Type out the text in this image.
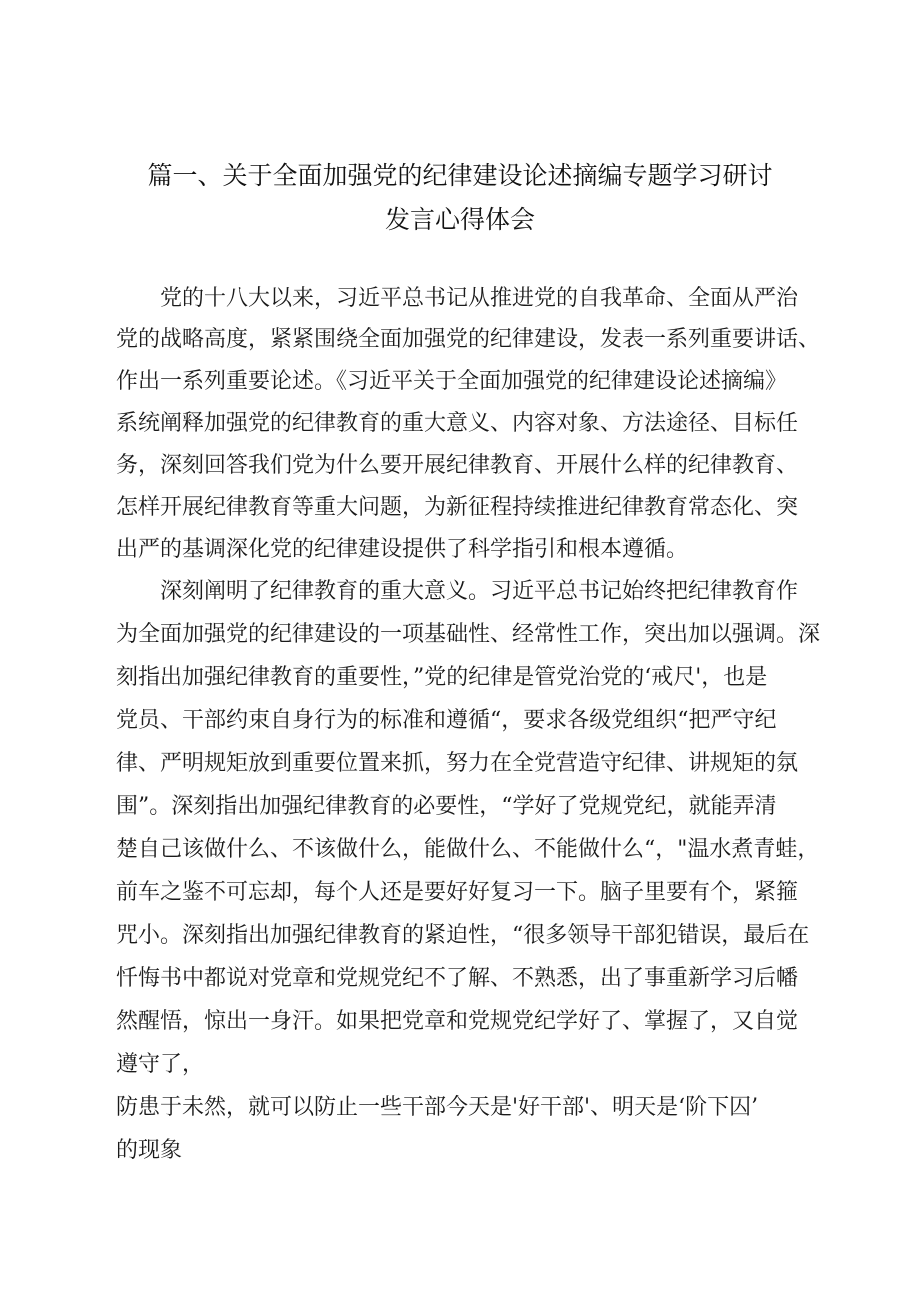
篇一、关于全面加强党的纪律建设论述摘编专题学习研讨
发言心得体会

　　党的十八大以来，习近平总书记从推进党的自我革命、全面从严治

党的战略高度，紧紧围绕全面加强党的纪律建设，发表一系列重要讲话、

作出一系列重要论述。《习近平关于全面加强党的纪律建设论述摘编》

系统阐释加强党的纪律教育的重大意义、内容对象、方法途径、目标任

务，深刻回答我们党为什么要开展纪律教育、开展什么样的纪律教育、

怎样开展纪律教育等重大问题，为新征程持续推进纪律教育常态化、突

出严的基调深化党的纪律建设提供了科学指引和根本遵循。

　　深刻阐明了纪律教育的重大意义。习近平总书记始终把纪律教育作

为全面加强党的纪律建设的一项基础性、经常性工作，突出加以强调。深

刻指出加强纪律教育的重要性，”党的纪律是管党治党的‘戒尺'，也是

党员、干部约束自身行为的标准和遵循“，要求各级党组织“把严守纪

律、严明规矩放到重要位置来抓，努力在全党营造守纪律、讲规矩的氛

围”。深刻指出加强纪律教育的必要性，“学好了党规党纪，就能弄清

楚自己该做什么、不该做什么，能做什么、不能做什么“，"温水煮青蛙，

前车之鉴不可忘却，每个人还是要好好复习一下。脑子里要有个，紧箍

咒小。深刻指出加强纪律教育的紧迫性，“很多领导干部犯错误，最后在

忏悔书中都说对党章和党规党纪不了解、不熟悉，出了事重新学习后幡

然醒悟，惊出一身汗。如果把党章和党规党纪学好了、掌握了，又自觉

遵守了，

防患于未然，就可以防止一些干部今天是'好干部'、明天是‘阶下囚’

的现象
